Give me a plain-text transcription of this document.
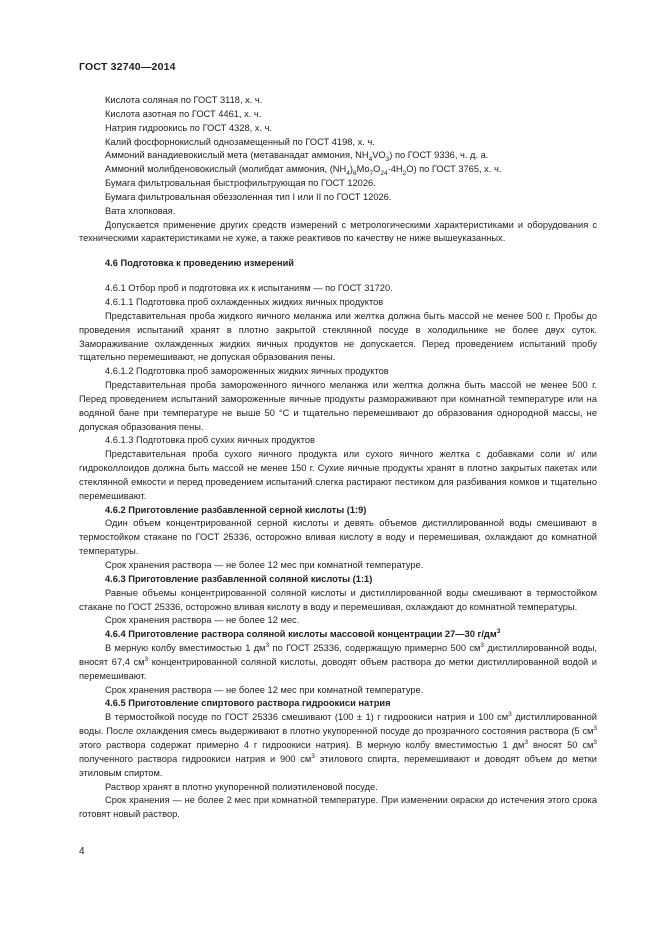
ГОСТ 32740—2014

Кислота соляная по ГОСТ 3118, х. ч.

Кислота азотная по ГОСТ 4461, х. ч.

Натрия гидроокись по ГОСТ 4328, х. ч.

Калий фосфорнокислый однозамещенный по ГОСТ 4198, х. ч.

Аммоний ванадиевокислый мета (метаванадат аммония, $NH_4VO_3$) по ГОСТ 9336, ч. д. а.

Аммоний молибденовокислый (молибдат аммония, $(NH_4)_6Mo_7O_{24}\cdot 4H_2O$) по ГОСТ 3765, х. ч.

Бумага фильтровальная быстрофильтрующая по ГОСТ 12026.

Бумага фильтровальная обеззоленная тип I или II по ГОСТ 12026.

Вата хлопковая.

Допускается применение других средств измерений с метрологическими характеристиками и оборудования с техническими характеристиками не хуже, а также реактивов по качеству не ниже вышеуказанных.

4.6 Подготовка к проведению измерений

4.6.1 Отбор проб и подготовка их к испытаниям — по ГОСТ 31720.

4.6.1.1 Подготовка проб охлажденных жидких яичных продуктов

Представительная проба жидкого яичного меланжа или желтка должна быть массой не менее 500 г. Пробы до проведения испытаний хранят в плотно закрытой стеклянной посуде в холодильнике не более двух суток. Замораживание охлажденных жидких яичных продуктов не допускается. Перед проведением испытаний пробу тщательно перемешивают, не допуская образования пены.

4.6.1.2 Подготовка проб замороженных жидких яичных продуктов

Представительная проба замороженного яичного меланжа или желтка должна быть массой не менее 500 г. Перед проведением испытаний замороженные яичные продукты размораживают при комнатной температуре или на водяной бане при температуре не выше 50 °С и тщательно перемешивают до образования однородной массы, не допуская образования пены.

4.6.1.3 Подготовка проб сухих яичных продуктов

Представительная проба сухого яичного продукта или сухого яичного желтка с добавками соли и/ или гидроколлоидов должна быть массой не менее 150 г. Сухие яичные продукты хранят в плотно закрытых пакетах или стеклянной емкости и перед проведением испытаний слегка растирают пестиком для разбивания комков и тщательно перемешивают.

4.6.2 Приготовление разбавленной серной кислоты (1:9)

Один объем концентрированной серной кислоты и девять объемов дистиллированной воды смешивают в термостойком стакане по ГОСТ 25336, осторожно вливая кислоту в воду и перемешивая, охлаждают до комнатной температуры.

Срок хранения раствора — не более 12 мес при комнатной температуре.

4.6.3 Приготовление разбавленной соляной кислоты (1:1)

Равные объемы концентрированной соляной кислоты и дистиллированной воды смешивают в термостойком стакане по ГОСТ 25336, осторожно вливая кислоту в воду и перемешивая, охлаждают до комнатной температуры.

Срок хранения раствора — не более 12 мес.

4.6.4 Приготовление раствора соляной кислоты массовой концентрации 27—30 $г/дм^3$

В мерную колбу вместимостью 1 $дм^3$ по ГОСТ 25336, содержащую примерно 500 $см^3$ дистиллированной воды, вносят 67,4 $см^3$ концентрированной соляной кислоты, доводят объем раствора до метки дистиллированной водой и перемешивают.

Срок хранения раствора — не более 12 мес при комнатной температуре.

4.6.5 Приготовление спиртового раствора гидроокиси натрия

В термостойкой посуде по ГОСТ 25336 смешивают (100 ± 1) г гидроокиси натрия и 100 $см^3$ дистиллированной воды. После охлаждения смесь выдерживают в плотно укупоренной посуде до прозрачного состояния раствора (5 $см^3$ этого раствора содержат примерно 4 г гидроокиси натрия). В мерную колбу вместимостью 1 $дм^3$ вносят 50 $см^3$ полученного раствора гидроокиси натрия и 900 $см^3$ этилового спирта, перемешивают и доводят объем до метки этиловым спиртом.

Раствор хранят в плотно укупоренной полиэтиленовой посуде.

Срок хранения — не более 2 мес при комнатной температуре. При изменении окраски до истечения этого срока готовят новый раствор.

4
